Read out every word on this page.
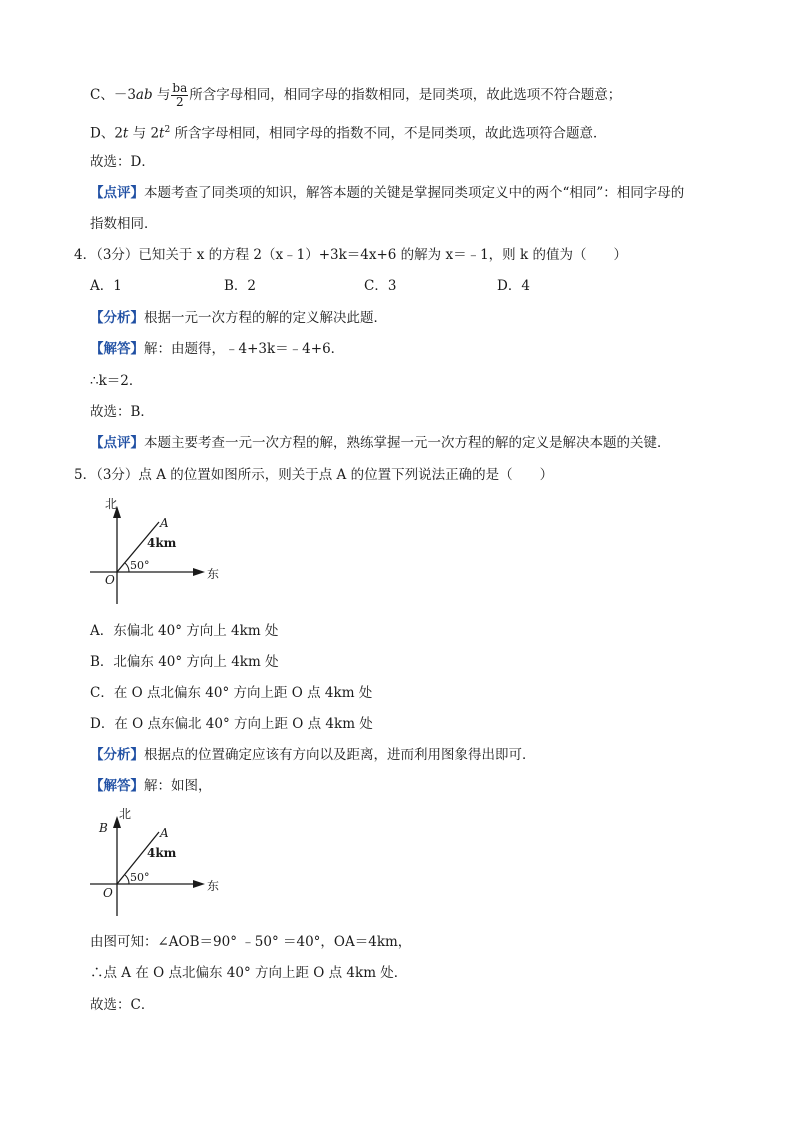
C、－3ab 与 $\frac{ba}{2}$ 所含字母相同，相同字母的指数相同，是同类项，故此选项不符合题意；
D、2t 与 $2t^2$ 所含字母相同，相同字母的指数不同，不是同类项，故此选项符合题意．
故选：D．
【点评】本题考查了同类项的知识，解答本题的关键是掌握同类项定义中的两个“相同”：相同字母的
指数相同．
4．（3分）已知关于 x 的方程 2（x﹣1）+3k＝4x+6 的解为 x＝﹣1，则 k 的值为（　　）
A．1	B．2	C．3	D．4
【分析】根据一元一次方程的解的定义解决此题．
【解答】解：由题得，﹣4+3k＝﹣4+6．
∴k＝2．
故选：B．
【点评】本题主要考查一元一次方程的解，熟练掌握一元一次方程的解的定义是解决本题的关键．
5．（3分）点 A 的位置如图所示，则关于点 A 的位置下列说法正确的是（　　）
北
东
O
A
4km
50°
A．东偏北 40° 方向上 4km 处
B．北偏东 40° 方向上 4km 处
C．在 O 点北偏东 40° 方向上距 O 点 4km 处
D．在 O 点东偏北 40° 方向上距 O 点 4km 处
【分析】根据点的位置确定应该有方向以及距离，进而利用图象得出即可．
【解答】解：如图，
北
B
东
O
A
4km
50°
由图可知：∠AOB＝90° ﹣50° ＝40°，OA＝4km，
∴点 A 在 O 点北偏东 40° 方向上距 O 点 4km 处．
故选：C．
